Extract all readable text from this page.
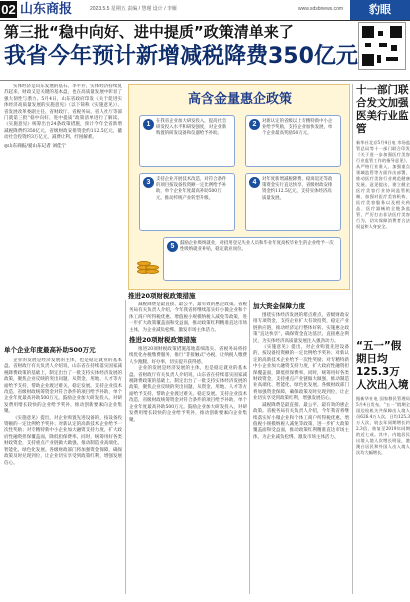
02 山东商报	2023.5.5 星期五 责编 / 慧瑾 设计 / 李雁	www.sdsbnews.com	豹眼
第三批“稳中向好、进中提质”政策清单来了
我省今年预计新增减税降费350亿元

实体经济是山东发展的基石。李平乔，实体经济持续复苏起来，财政又是关键的基本盘，也在高质量发展中彰显了强大韧性与潜力。5月4日，山东省政府印发《关于促进实体经济高质量发展的实施意见》（以下简称《实施意见》），省发展改革委副主任、省财政厅、省税务局、省人社厅等部门就第三批“稳中向好、进中提质”政策清单进行了解读。《实施意见》统筹出台24条政策措施，预计今年全省新增减税降费约350亿元，省级财政安排资金约112.5亿元，撬动社会投资约3万亿元，减费让利、纾困解难。

◎山东商报/爱山东记者 刘佳宁

高含金量惠企政策
1	在我省企业加大研发投入，提高社会研发投入水平和研发强度，对企业新购置的研发设备和仪器给予补助。
2	对新认定的省级以上专精特新中小企业给予奖励，支持企业加快发展，单个企业最高奖励50万元。
3	支持企业开展技术改造，对符合条件的项目按设备投资额一定比例给予补助，单个企业年度最高补助500万元，推动传统产业转型升级。
4	对年度新增减税降费、稳岗返还等政策资金实行直达快享，省级财政安排资金约112.5亿元，支持实体经济高质量发展。
5	鼓励企业吸纳就业，对招用登记失业人员和毕业年度高校毕业生的企业给予一次性吸纳就业补贴，稳定就业岗位。
推进20项财税政策措施
十一部门联合发文加强医美行业监管
新华社北京5月4日电 市场监管总局等十一部门联合印发《关于进一步加强医疗美容行业监管工作的指导意见》，从严格行业准入、加强重点领域监管等方面作出部署，推动医疗美容行业规范健康发展。意见提出，建立健全医疗美容行业协同监管机制，加强对医疗美容机构、医疗美容服务以及相关药品、医疗器械的全链条监管，严厉打击非法医疗美容行为，切实保障消费者合法权益和人身安全。
“五一”假期日均125.3万人次出入境
据新华社电 国家移民管理局5月4日发布，“五一”假期全国边检机关共保障出入境人员626.4万人次，日均125.3万人次，较去年同期增长约2.3倍，恢复至2019年同期的近七成。其中，内地居民出境入境人次增长明显，港澳台居民和外国人出入境人次均大幅增长。
单个企业年度最高补助500万元

企业的发展是经济发展的主体，也是稳定就业的基本盘。省财政厅有关负责人介绍说，山东省在持续落实国家减税降费政策的基础上，制定出台了一批支持实体经济发展的政策，聚焦企业反映的突出问题，从资金、用地、人才等方面给予支持，帮助企业渡过难关、稳定发展。支持企业技术改造，省级财政统筹资金对符合条件的项目给予补助，单个企业年度最高补助500万元。鼓励企业加大研发投入，对研发费用增长较快的企业给予奖补，推动创新要素向企业集聚。

《实施意见》提出，对企业购置先进设备的，按设备投资额的一定比例给予奖补；对新认定的高新技术企业给予一次性奖励；对专精特新中小企业加大融资支持力度，扩大政府性融资担保覆盖面，降低担保费率。同时，统筹用好各类财政资金，支持重点产业链做大做强，推动制造业高端化、智能化、绿色化发展。各级财政部门将加强资金保障，确保政策及时兑现到位，让企业切实享受到政策红利，增强发展信心。

减税降费是最直接、最公平、最有效的惠企政策。省税务局有关负责人介绍，今年我省将继续落实好小微企业和个体工商户所得税优惠、增值税小规模纳税人减免等政策，进一步扩大政策覆盖面和受益面，推动政策红利精准直达市场主体，为企业减负松绑、激发市场主体活力。

推进20项财税政策措施

推进20项财税政策措施落地落细落实。省税务局将持续优化办税缴费服务，推行“非接触式”办税，让纳税人缴费人少跑腿、好办事，切实提升获得感。

企业的发展是经济发展的主体，也是稳定就业的基本盘。省财政厅有关负责人介绍说，山东省在持续落实国家减税降费政策的基础上，制定出台了一批支持实体经济发展的政策，聚焦企业反映的突出问题，从资金、用地、人才等方面给予支持，帮助企业渡过难关、稳定发展。支持企业技术改造，省级财政统筹资金对符合条件的项目给予补助，单个企业年度最高补助500万元。鼓励企业加大研发投入，对研发费用增长较快的企业给予奖补，推动创新要素向企业集聚。

加大资金保障力度

围绕实体经济发展的堵点难点，省级财政安排专项资金，支持企业扩大有效投资，稳定产业链供应链，推动经济运行整体好转。实施惠企政策“直达快享”，确保资金直达基层、直接惠企利民，为实体经济高质量发展注入强劲动力。

《实施意见》提出，对企业购置先进设备的，按设备投资额的一定比例给予奖补；对新认定的高新技术企业给予一次性奖励；对专精特新中小企业加大融资支持力度，扩大政府性融资担保覆盖面，降低担保费率。同时，统筹用好各类财政资金，支持重点产业链做大做强，推动制造业高端化、智能化、绿色化发展。各级财政部门将加强资金保障，确保政策及时兑现到位，让企业切实享受到政策红利，增强发展信心。

减税降费是最直接、最公平、最有效的惠企政策。省税务局有关负责人介绍，今年我省将继续落实好小微企业和个体工商户所得税优惠、增值税小规模纳税人减免等政策，进一步扩大政策覆盖面和受益面，推动政策红利精准直达市场主体，为企业减负松绑、激发市场主体活力。
